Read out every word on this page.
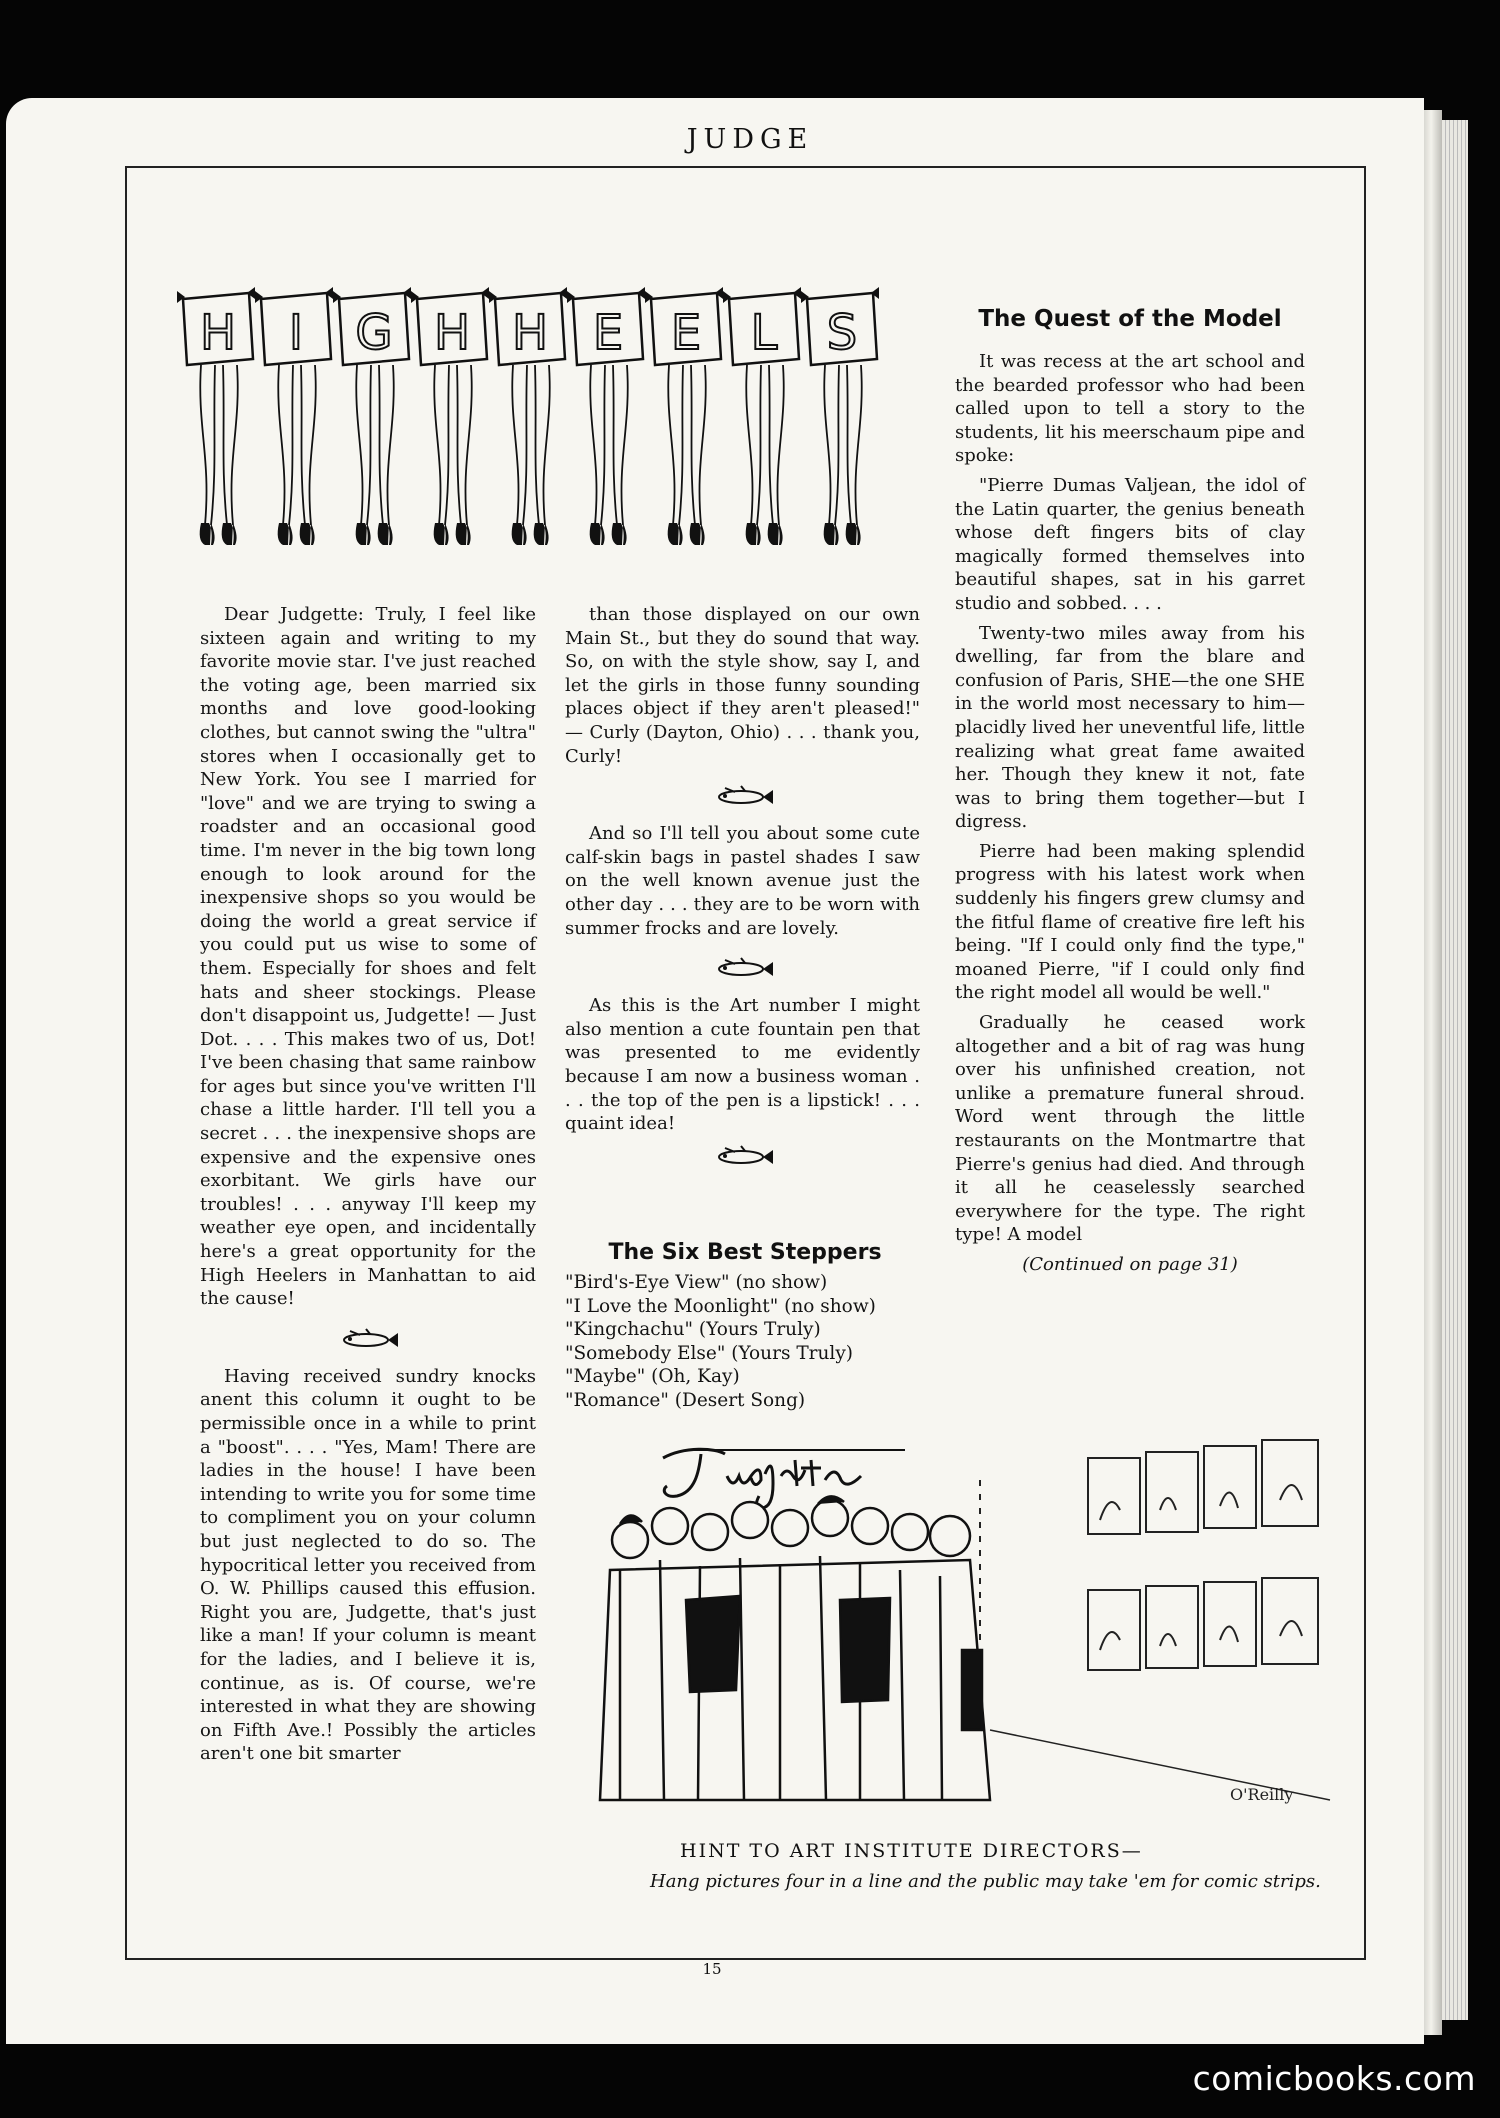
JUDGE
H I G H H E E L S

Dear Judgette: Truly, I feel like sixteen again and writing to my favorite movie star. I've just reached the voting age, been married six months and love good-looking clothes, but cannot swing the "ultra" stores when I occasionally get to New York. You see I married for "love" and we are trying to swing a roadster and an occasional good time. I'm never in the big town long enough to look around for the inexpensive shops so you would be doing the world a great service if you could put us wise to some of them. Especially for shoes and felt hats and sheer stockings. Please don't disappoint us, Judgette! — Just Dot. . . . This makes two of us, Dot! I've been chasing that same rainbow for ages but since you've written I'll chase a little harder. I'll tell you a secret . . . the inexpensive shops are expensive and the expensive ones exorbitant. We girls have our troubles! . . . anyway I'll keep my weather eye open, and incidentally here's a great opportunity for the High Heelers in Manhattan to aid the cause!

Having received sundry knocks anent this column it ought to be permissible once in a while to print a "boost". . . . "Yes, Mam! There are ladies in the house! I have been intending to write you for some time to compliment you on your column but just neglected to do so. The hypocritical letter you received from O. W. Phillips caused this effusion. Right you are, Judgette, that's just like a man! If your column is meant for the ladies, and I believe it is, continue, as is. Of course, we're interested in what they are showing on Fifth Ave.! Possibly the articles aren't one bit smarter

than those displayed on our own Main St., but they do sound that way. So, on with the style show, say I, and let the girls in those funny sounding places object if they aren't pleased!" — Curly (Dayton, Ohio) . . . thank you, Curly!

And so I'll tell you about some cute calf-skin bags in pastel shades I saw on the well known avenue just the other day . . . they are to be worn with summer frocks and are lovely.

As this is the Art number I might also mention a cute fountain pen that was presented to me evidently because I am now a business woman . . . the top of the pen is a lipstick! . . . quaint idea!

The Six Best Steppers
"Bird's-Eye View" (no show)
"I Love the Moonlight" (no show)
"Kingchachu" (Yours Truly)
"Somebody Else" (Yours Truly)
"Maybe" (Oh, Kay)
"Romance" (Desert Song)
The Quest of the Model

It was recess at the art school and the bearded professor who had been called upon to tell a story to the students, lit his meerschaum pipe and spoke:

"Pierre Dumas Valjean, the idol of the Latin quarter, the genius beneath whose deft fingers bits of clay magically formed themselves into beautiful shapes, sat in his garret studio and sobbed. . . .

Twenty-two miles away from his dwelling, far from the blare and confusion of Paris, SHE—the one SHE in the world most necessary to him—placidly lived her uneventful life, little realizing what great fame awaited her. Though they knew it not, fate was to bring them together—but I digress.

Pierre had been making splendid progress with his latest work when suddenly his fingers grew clumsy and the fitful flame of creative fire left his being. "If I could only find the type," moaned Pierre, "if I could only find the right model all would be well."

Gradually he ceased work altogether and a bit of rag was hung over his unfinished creation, not unlike a premature funeral shroud. Word went through the little restaurants on the Montmartre that Pierre's genius had died. And through it all he ceaselessly searched everywhere for the type. The right type! A model

(Continued on page 31)

O'Reilly
HINT TO ART INSTITUTE DIRECTORS—
Hang pictures four in a line and the public may take 'em for comic strips.
15
comicbooks.com
